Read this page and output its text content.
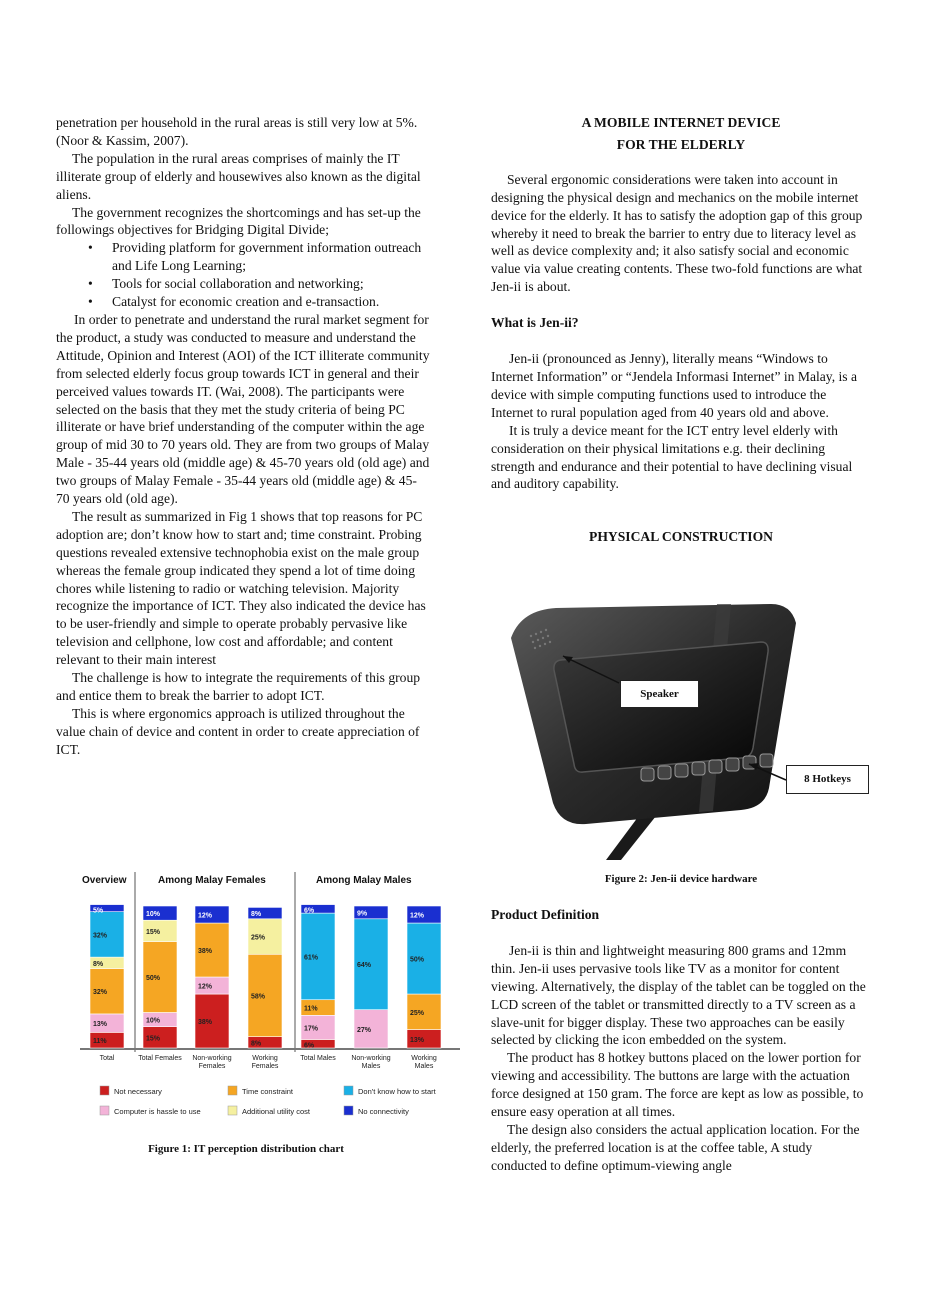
penetration per household in the rural areas is still very low at 5%. (Noor & Kassim, 2007).

The population in the rural areas comprises of mainly the IT illiterate group of elderly and housewives also known as the digital aliens.

The government recognizes the shortcomings and has set-up the followings objectives for Bridging Digital Divide;

• Providing platform for government information outreach and Life Long Learning;
• Tools for social collaboration and networking;
• Catalyst for economic creation and e-transaction.

In order to penetrate and understand the rural market segment for the product, a study was conducted to measure and understand the Attitude, Opinion and Interest (AOI) of the ICT illiterate community from selected elderly focus group towards ICT in general and their perceived values towards IT. (Wai, 2008). The participants were selected on the basis that they met the study criteria of being PC illiterate or have brief understanding of the computer within the age group of mid 30 to 70 years old. They are from two groups of Malay Male - 35-44 years old (middle age) & 45-70 years old (old age) and two groups of Malay Female - 35-44 years old (middle age) & 45-70 years old (old age).

The result as summarized in Fig 1 shows that top reasons for PC adoption are; don’t know how to start and; time constraint. Probing questions revealed extensive technophobia exist on the male group whereas the female group indicated they spend a lot of time doing chores while listening to radio or watching television. Majority recognize the importance of ICT. They also indicated the device has to be user-friendly and simple to operate probably pervasive like television and cellphone, low cost and affordable; and content relevant to their main interest

The challenge is how to integrate the requirements of this group and entice them to break the barrier to adopt ICT.

This is where ergonomics approach is utilized throughout the value chain of device and content in order to create appreciation of ICT.

Overview	Among Malay Females	Among Malay Males
11%
13%
32%
8%
32%
5%
Total
15%
10%
50%
15%
10%
Total Females
38%
12%
38%
12%
Non-working
Females
8%
58%
25%
8%
Working
Females
6%
17%
11%
61%
6%
Total Males
27%
64%
9%
Non-working
Males
13%
25%
50%
12%
Working
Males
Not necessary	Time constraint	Don't know how to start
Computer is hassle to use	Additional utility cost	No connectivity
Figure 1: IT perception distribution chart
A MOBILE INTERNET DEVICE
FOR THE ELDERLY

Several ergonomic considerations were taken into account in designing the physical design and mechanics on the mobile internet device for the elderly. It has to satisfy the adoption gap of this group whereby it need to break the barrier to entry due to literacy level as well as device complexity and; it also satisfy social and economic value via value creating contents. These two-fold functions are what Jen-ii is about.

What is Jen-ii?

Jen-ii (pronounced as Jenny), literally means “Windows to Internet Information” or “Jendela Informasi Internet” in Malay, is a device with simple computing functions used to introduce the Internet to rural population aged from 40 years old and above.

It is truly a device meant for the ICT entry level elderly with consideration on their physical limitations e.g. their declining strength and endurance and their potential to have declining visual and auditory capability.

PHYSICAL CONSTRUCTION
Speaker
8 Hotkeys
Figure 2: Jen-ii device hardware
Product Definition

Jen-ii is thin and lightweight measuring 800 grams and 12mm thin. Jen-ii uses pervasive tools like TV as a monitor for content viewing. Alternatively, the display of the tablet can be toggled on the LCD screen of the tablet or transmitted directly to a TV screen as a slave-unit for bigger display. These two approaches can be easily selected by clicking the icon embedded on the system.

The product has 8 hotkey buttons placed on the lower portion for viewing and accessibility. The buttons are large with the actuation force designed at 150 gram. The force are kept as low as possible, to ensure easy operation at all times.

The design also considers the actual application location. For the elderly, the preferred location is at the coffee table, A study conducted to define optimum-viewing angle
